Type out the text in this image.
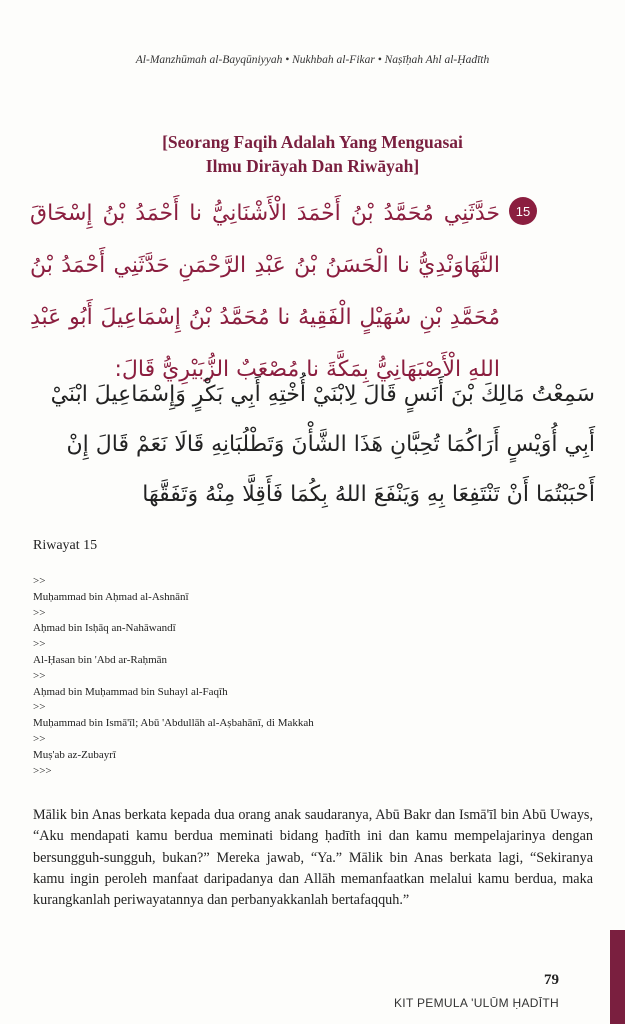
Al-Manzhūmah al-Bayqūniyyah • Nukhbah al-Fikar • Naṣīḥah Ahl al-Ḥadīth
[Seorang Faqih Adalah Yang Menguasai
Ilmu Dirāyah Dan Riwāyah]
15
حَدَّثَنِي مُحَمَّدُ بْنُ أَحْمَدَ الْأَشْنَانِيُّ نا أَحْمَدُ بْنُ إِسْحَاقَ النَّهَاوَنْدِيُّ نا الْحَسَنُ بْنُ عَبْدِ الرَّحْمَنِ حَدَّثَنِي أَحْمَدُ بْنُ مُحَمَّدِ بْنِ سُهَيْلٍ الْفَقِيهُ نا مُحَمَّدُ بْنُ إِسْمَاعِيلَ أَبُو عَبْدِ اللهِ الْأَصْبَهَانِيُّ بِمَكَّةَ نا مُصْعَبٌ الزُّبَيْرِيُّ قَالَ:
سَمِعْتُ مَالِكَ بْنَ أَنَسٍ قَالَ لِابْنَيْ أُخْتِهِ أَبِي بَكْرٍ وَإِسْمَاعِيلَ ابْنَيْ أَبِي أُوَيْسٍ أَرَاكُمَا تُحِبَّانِ هَذَا الشَّأْنَ وَتَطْلُبَانِهِ قَالَا نَعَمْ قَالَ إِنْ أَحْبَبْتُمَا أَنْ تَنْتَفِعَا بِهِ وَيَنْفَعَ اللهُ بِكُمَا فَأَقِلَّا مِنْهُ وَتَفَقَّهَا
Riwayat 15
>>
Muḥammad bin Aḥmad al-Ashnānī
>>
Aḥmad bin Isḥāq an-Nahāwandī
>>
Al-Ḥasan bin 'Abd ar-Raḥmān
>>
Aḥmad bin Muḥammad bin Suhayl al-Faqīh
>>
Muḥammad bin Ismā'īl; Abū 'Abdullāh al-Aṣbahānī, di Makkah
>>
Muṣ'ab az-Zubayrī
>>>
Mālik bin Anas berkata kepada dua orang anak saudaranya, Abū Bakr dan Ismā'īl bin Abū Uways, “Aku mendapati kamu berdua meminati bidang ḥadīth ini dan kamu mempelajarinya dengan bersungguh-sungguh, bukan?” Mereka jawab, “Ya.” Mālik bin Anas berkata lagi, “Sekiranya kamu ingin peroleh manfaat daripadanya dan Allāh memanfaatkan melalui kamu berdua, maka kurangkanlah periwayatannya dan perbanyakkanlah bertafaqquh.”
79
KIT PEMULA 'ULŪM ḤADĪTH
